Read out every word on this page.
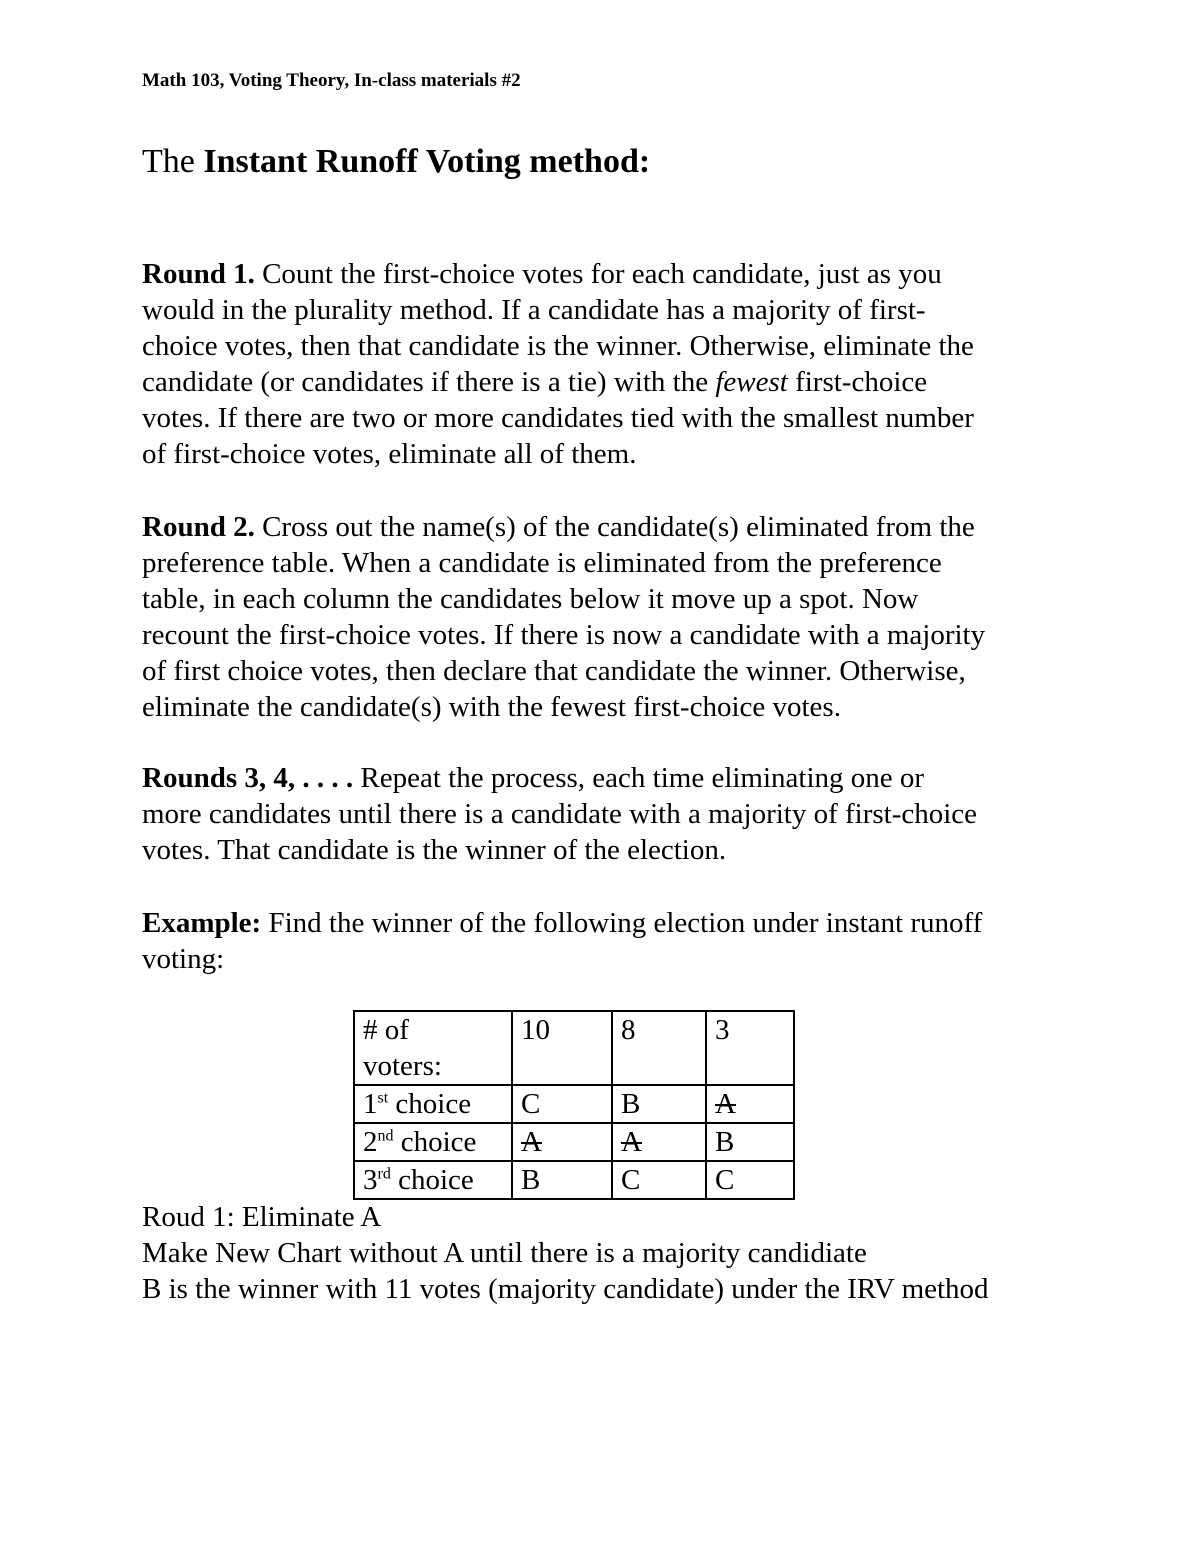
Math 103, Voting Theory, In-class materials #2
The Instant Runoff Voting method:
Round 1. Count the first-choice votes for each candidate, just as you
would in the plurality method. If a candidate has a majority of first-
choice votes, then that candidate is the winner. Otherwise, eliminate the
candidate (or candidates if there is a tie) with the fewest first-choice
votes. If there are two or more candidates tied with the smallest number
of first-choice votes, eliminate all of them.
Round 2. Cross out the name(s) of the candidate(s) eliminated from the
preference table. When a candidate is eliminated from the preference
table, in each column the candidates below it move up a spot. Now
recount the first-choice votes. If there is now a candidate with a majority
of first choice votes, then declare that candidate the winner. Otherwise,
eliminate the candidate(s) with the fewest first-choice votes.
Rounds 3, 4, . . . . Repeat the process, each time eliminating one or
more candidates until there is a candidate with a majority of first-choice
votes. That candidate is the winner of the election.
Example: Find the winner of the following election under instant runoff
voting:
# of
voters:	10	8	3
1st choice	C	B	A
2nd choice	A	A	B
3rd choice	B	C	C
Roud 1: Eliminate A
Make New Chart without A until there is a majority candidiate
B is the winner with 11 votes (majority candidate) under the IRV method
